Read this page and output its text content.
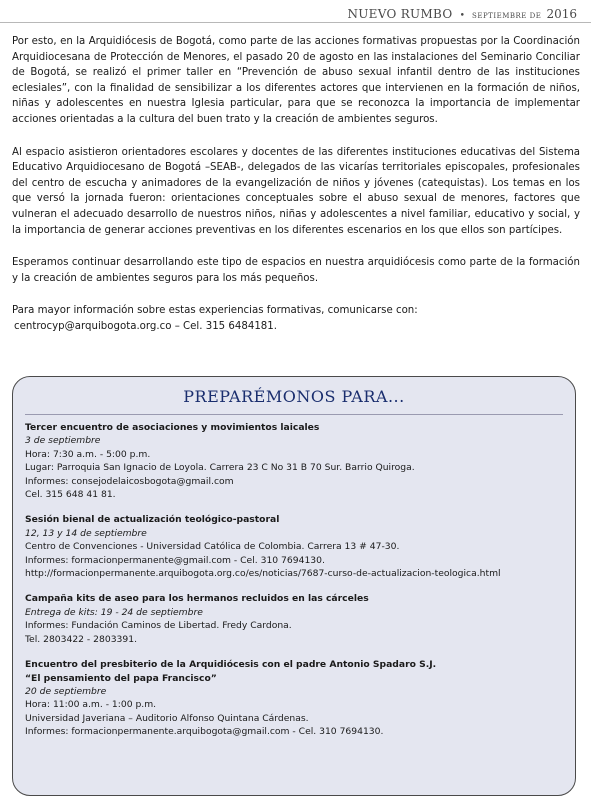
NUEVO RUMBO • SEPTIEMBRE DE 2016

Por esto, en la Arquidiócesis de Bogotá, como parte de las acciones formativas propuestas por la Coordinación Arquidiocesana de Protección de Menores, el pasado 20 de agosto en las instalaciones del Seminario Conciliar de Bogotá, se realizó el primer taller en “Prevención de abuso sexual infantil dentro de las instituciones eclesiales”, con la finalidad de sensibilizar a los diferentes actores que intervienen en la formación de niños, niñas y adolescentes en nuestra Iglesia particular, para que se reconozca la importancia de implementar acciones orientadas a la cultura del buen trato y la creación de ambientes seguros.

Al espacio asistieron orientadores escolares y docentes de las diferentes instituciones educativas del Sistema Educativo Arquidiocesano de Bogotá –SEAB-, delegados de las vicarías territoriales episcopales, profesionales del centro de escucha y animadores de la evangelización de niños y jóvenes (catequistas). Los temas en los que versó la jornada fueron: orientaciones conceptuales sobre el abuso sexual de menores, factores que vulneran el adecuado desarrollo de nuestros niños, niñas y adolescentes a nivel familiar, educativo y social, y la importancia de generar acciones preventivas en los diferentes escenarios en los que ellos son partícipes.

Esperamos continuar desarrollando este tipo de espacios en nuestra arquidiócesis como parte de la formación y la creación de ambientes seguros para los más pequeños.

Para mayor información sobre estas experiencias formativas, comunicarse con:

centrocyp@arquibogota.org.co – Cel. 315 6484181.

PREPARÉMONOS PARA...
Tercer encuentro de asociaciones y movimientos laicales
3 de septiembre
Hora: 7:30 a.m. - 5:00 p.m.
Lugar: Parroquia San Ignacio de Loyola. Carrera 23 C No 31 B 70 Sur. Barrio Quiroga.
Informes: consejodelaicosbogota@gmail.com
Cel. 315 648 41 81.
Sesión bienal de actualización teológico-pastoral
12, 13 y 14 de septiembre
Centro de Convenciones - Universidad Católica de Colombia. Carrera 13 # 47-30.
Informes: formacionpermanente@gmail.com - Cel. 310 7694130.
http://formacionpermanente.arquibogota.org.co/es/noticias/7687-curso-de-actualizacion-teologica.html
Campaña kits de aseo para los hermanos recluidos en las cárceles
Entrega de kits: 19 - 24 de septiembre
Informes: Fundación Caminos de Libertad. Fredy Cardona.
Tel. 2803422 - 2803391.
Encuentro del presbiterio de la Arquidiócesis con el padre Antonio Spadaro S.J.
“El pensamiento del papa Francisco”
20 de septiembre
Hora: 11:00 a.m. - 1:00 p.m.
Universidad Javeriana – Auditorio Alfonso Quintana Cárdenas.
Informes: formacionpermanente.arquibogota@gmail.com - Cel. 310 7694130.
